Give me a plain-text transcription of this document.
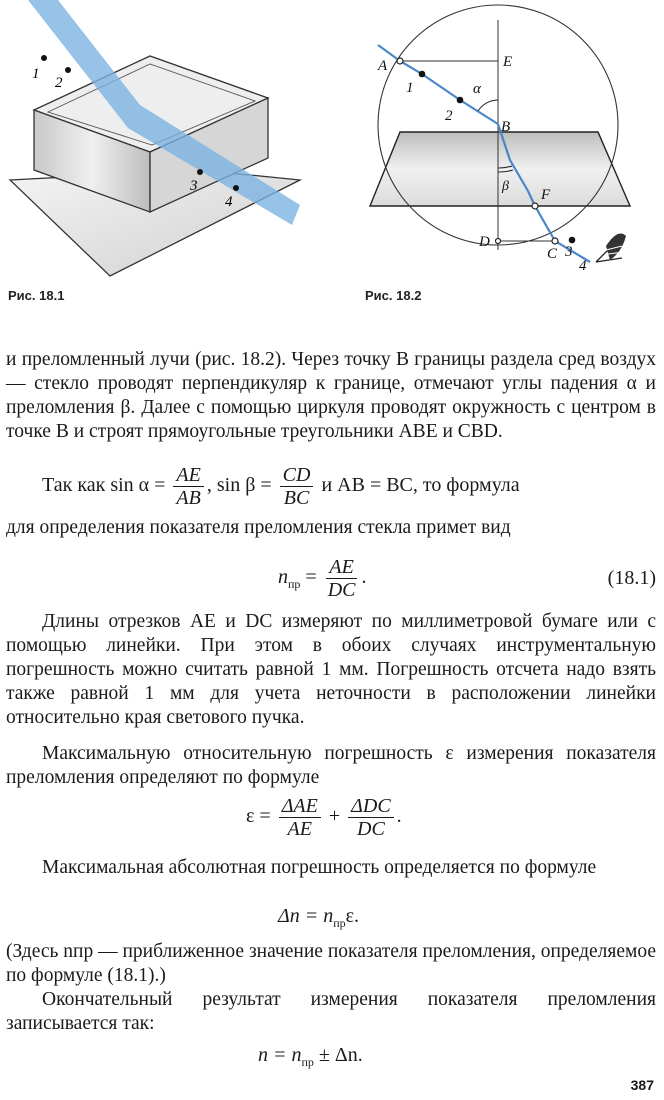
1
2
3
4
A	E
1
2
α
B
β
F
D
C 3
4
Рис. 18.1	Рис. 18.2

и преломленный лучи (рис. 18.2). Через точку B границы раздела сред воздух — стекло проводят перпендикуляр к границе, отмечают углы падения α и преломления β. Далее с помощью циркуля проводят окружность с центром в точке B и строят прямоугольные треугольники ABE и CBD.

Так как $\sin \alpha = \frac{AE}{AB}$ , $\sin \beta = \frac{CD}{BC}$ и AB = BC, то формула

для определения показателя преломления стекла примет вид

$n_{пр} = \frac{AE}{DC}$ .	(18.1)

Длины отрезков AE и DC измеряют по миллиметровой бумаге или с помощью линейки. При этом в обоих случаях инструментальную погрешность можно считать равной 1 мм. Погрешность отсчета надо взять также равной 1 мм для учета неточности в расположении линейки относительно края светового пучка.

Максимальную относительную погрешность ε измерения показателя преломления определяют по формуле

$\varepsilon = \frac{\text{ΔAE}}{AE} + \frac{\text{ΔDC}}{DC}$ .

Максимальная абсолютная погрешность определяется по формуле

$\Delta n = n_{пр}\varepsilon$.

(Здесь nпр — приближенное значение показателя преломления, определяемое по формуле (18.1).)

Окончательный результат измерения показателя преломления записывается так:

$n = n_{пр} \pm \Delta n$.
387
